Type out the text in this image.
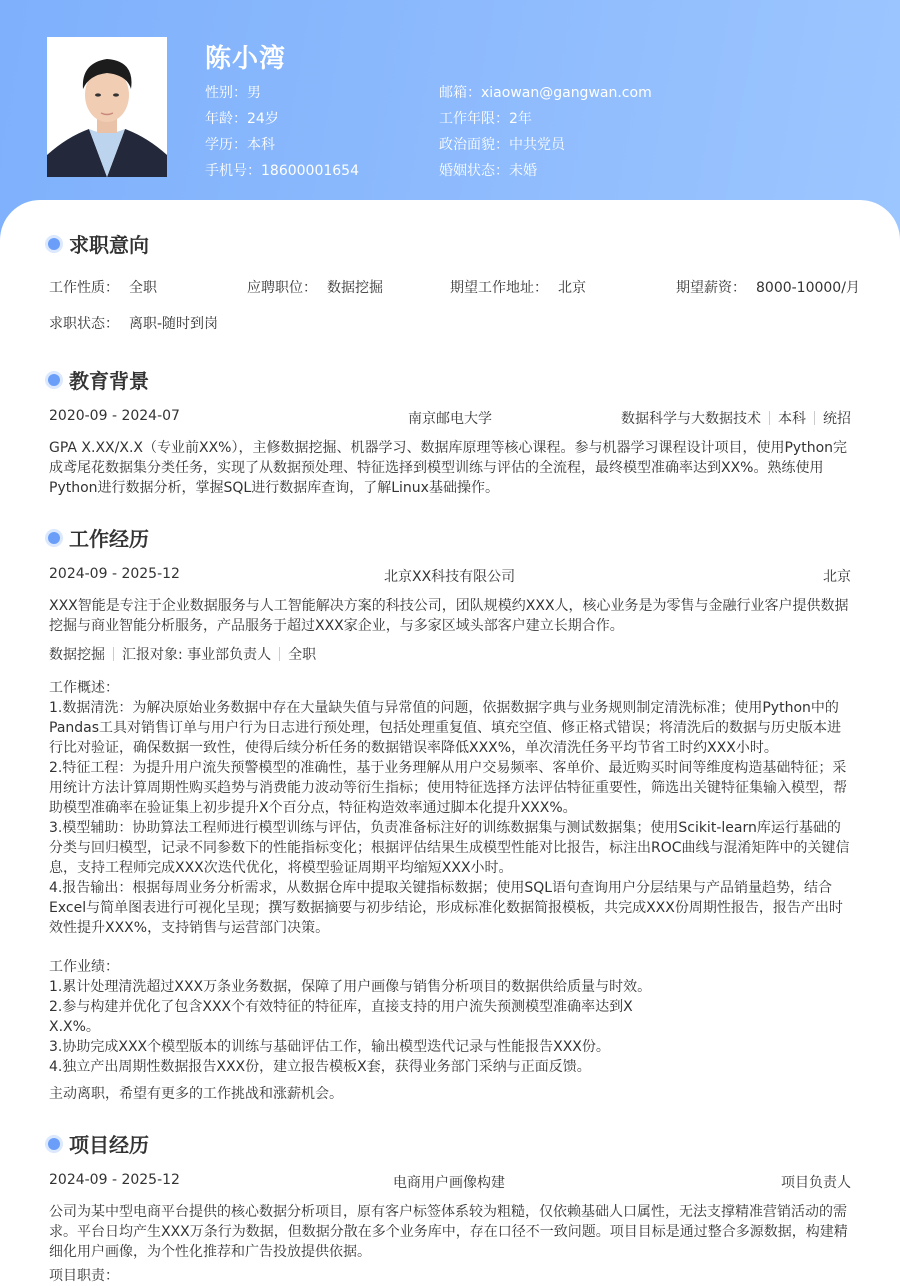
陈小湾
性别：男
年龄：24岁
学历：本科
手机号：18600001654
邮箱：xiaowan@gangwan.com
工作年限：2年
政治面貌：中共党员
婚姻状态：未婚
求职意向
工作性质： 全职	应聘职位： 数据挖掘	期望工作地址： 北京	期望薪资： 8000-10000/月
求职状态： 离职-随时到岗
教育背景
2020-09 - 2024-07	南京邮电大学	数据科学与大数据技术 本科 统招
GPA X.XX/X.X（专业前XX%），主修数据挖掘、机器学习、数据库原理等核心课程。参与机器学习课程设计项目，使用Python完成鸢尾花数据集分类任务，实现了从数据预处理、特征选择到模型训练与评估的全流程，最终模型准确率达到XX%。熟练使用Python进行数据分析，掌握SQL进行数据库查询，了解Linux基础操作。
工作经历
2024-09 - 2025-12	北京XX科技有限公司	北京
XXX智能是专注于企业数据服务与人工智能解决方案的科技公司，团队规模约XXX人，核心业务是为零售与金融行业客户提供数据挖掘与商业智能分析服务，产品服务于超过XXX家企业，与多家区域头部客户建立长期合作。
数据挖掘 汇报对象: 事业部负责人 全职
工作概述：
1.数据清洗：为解决原始业务数据中存在大量缺失值与异常值的问题，依据数据字典与业务规则制定清洗标准；使用Python中的Pandas工具对销售订单与用户行为日志进行预处理，包括处理重复值、填充空值、修正格式错误；将清洗后的数据与历史版本进行比对验证，确保数据一致性，使得后续分析任务的数据错误率降低XXX%，单次清洗任务平均节省工时约XXX小时。
2.特征工程：为提升用户流失预警模型的准确性，基于业务理解从用户交易频率、客单价、最近购买时间等维度构造基础特征；采用统计方法计算周期性购买趋势与消费能力波动等衍生指标；使用特征选择方法评估特征重要性，筛选出关键特征集输入模型，帮助模型准确率在验证集上初步提升X个百分点，特征构造效率通过脚本化提升XXX%。
3.模型辅助：协助算法工程师进行模型训练与评估，负责准备标注好的训练数据集与测试数据集；使用Scikit-learn库运行基础的分类与回归模型，记录不同参数下的性能指标变化；根据评估结果生成模型性能对比报告，标注出ROC曲线与混淆矩阵中的关键信息，支持工程师完成XXX次迭代优化，将模型验证周期平均缩短XXX小时。
4.报告输出：根据每周业务分析需求，从数据仓库中提取关键指标数据；使用SQL语句查询用户分层结果与产品销量趋势，结合Excel与简单图表进行可视化呈现；撰写数据摘要与初步结论，形成标准化数据简报模板，共完成XXX份周期性报告，报告产出时效性提升XXX%，支持销售与运营部门决策。
工作业绩：
1.累计处理清洗超过XXX万条业务数据，保障了用户画像与销售分析项目的数据供给质量与时效。
2.参与构建并优化了包含XXX个有效特征的特征库，直接支持的用户流失预测模型准确率达到X
X.X%。
3.协助完成XXX个模型版本的训练与基础评估工作，输出模型迭代记录与性能报告XXX份。
4.独立产出周期性数据报告XXX份，建立报告模板X套，获得业务部门采纳与正面反馈。
主动离职，希望有更多的工作挑战和涨薪机会。
项目经历
2024-09 - 2025-12	电商用户画像构建	项目负责人
公司为某中型电商平台提供的核心数据分析项目，原有客户标签体系较为粗糙，仅依赖基础人口属性，无法支撑精准营销活动的需求。平台日均产生XXX万条行为数据，但数据分散在多个业务库中，存在口径不一致问题。项目目标是通过整合多源数据，构建精细化用户画像，为个性化推荐和广告投放提供依据。
项目职责：
